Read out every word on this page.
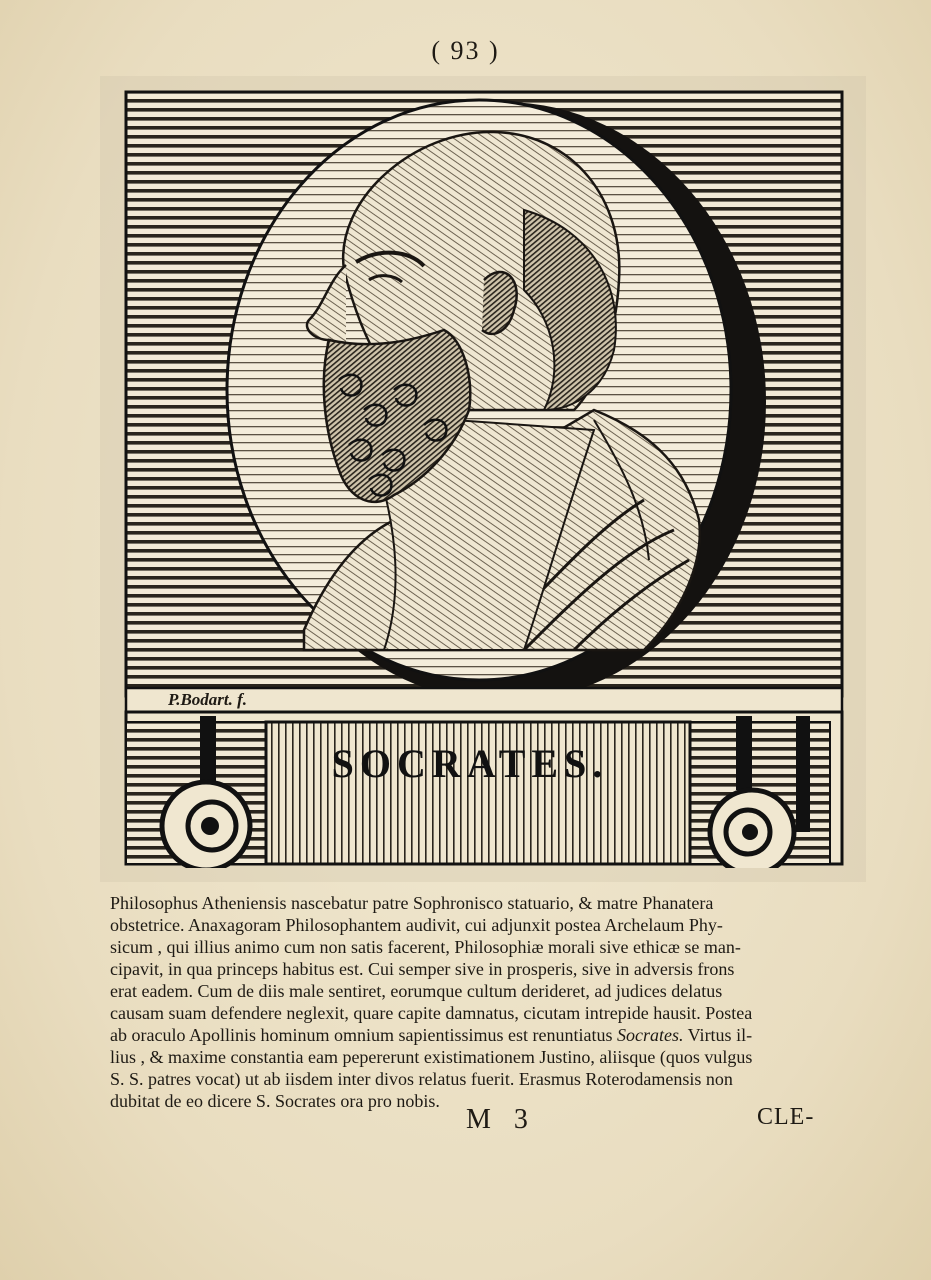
( 93 )
P.Bodart. f.
SOCRATES.
Philosophus Atheniensis nascebatur patre Sophronisco statuario, & matre Phanatera
obstetrice. Anaxagoram Philosophantem audivit, cui adjunxit postea Archelaum Phy-
sicum , qui illius animo cum non satis facerent, Philosophiæ morali sive ethicæ se man-
cipavit, in qua princeps habitus est. Cui semper sive in prosperis, sive in adversis frons
erat eadem. Cum de diis male sentiret, eorumque cultum derideret, ad judices delatus
causam suam defendere neglexit, quare capite damnatus, cicutam intrepide hausit. Postea
ab oraculo Apollinis hominum omnium sapientissimus est renuntiatus Socrates. Virtus il-
lius , & maxime constantia eam pepererunt existimationem Justino, aliisque (quos vulgus
S. S. patres vocat) ut ab iisdem inter divos relatus fuerit. Erasmus Roterodamensis non
dubitat de eo dicere S. Socrates ora pro nobis.
M 3	CLE-
